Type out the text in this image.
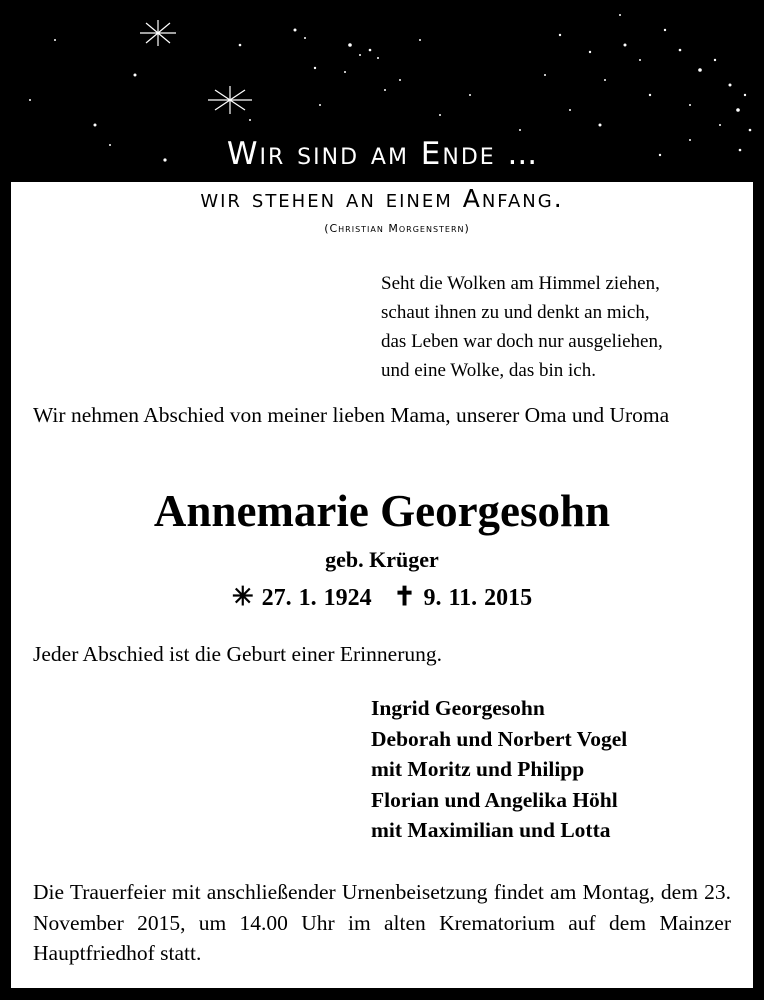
Wir sind am Ende ...
wir stehen an einem Anfang.
(Christian Morgenstern)
Seht die Wolken am Himmel ziehen,
schaut ihnen zu und denkt an mich,
das Leben war doch nur ausgeliehen,
und eine Wolke, das bin ich.
Wir nehmen Abschied von meiner lieben Mama, unserer Oma und Uroma
Annemarie Georgesohn
geb. Krüger
✳ 27. 1. 1924 ✝ 9. 11. 2015
Jeder Abschied ist die Geburt einer Erinnerung.
Ingrid Georgesohn
Deborah und Norbert Vogel
mit Moritz und Philipp
Florian und Angelika Höhl
mit Maximilian und Lotta
Die Trauerfeier mit anschließender Urnenbeisetzung findet am Montag, dem 23. November 2015, um 14.00 Uhr im alten Krematorium auf dem Mainzer Hauptfriedhof statt.
